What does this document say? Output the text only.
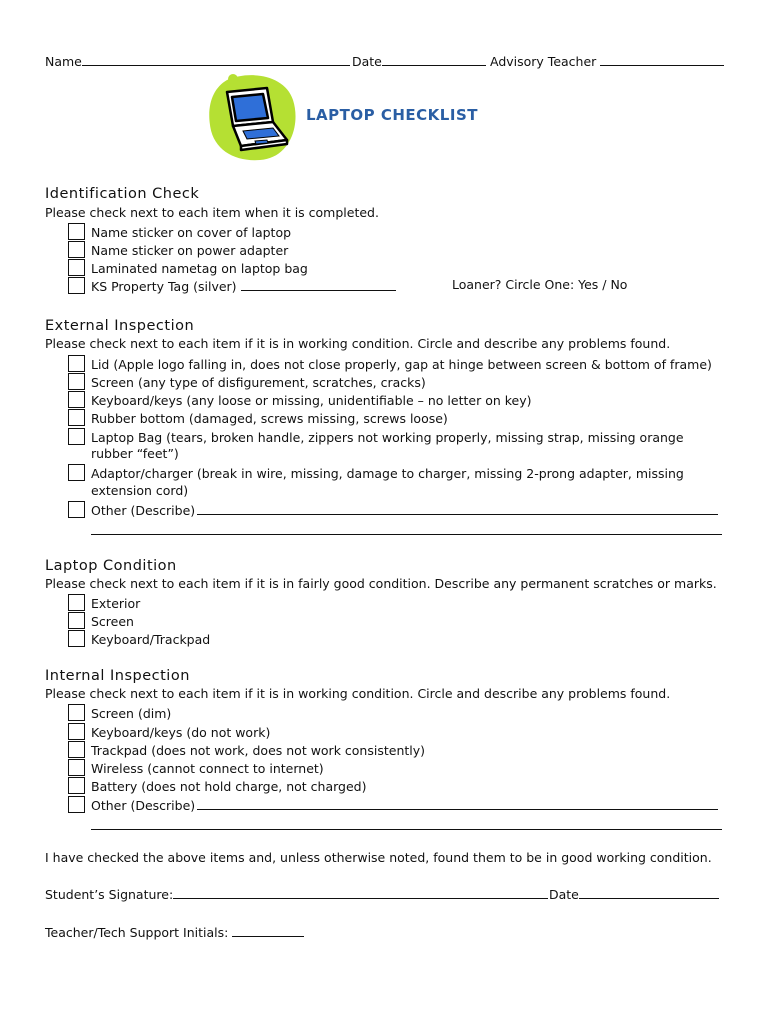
Name	Date	Advisory Teacher
LAPTOP CHECKLIST
Identification Check
Please check next to each item when it is completed.
Name sticker on cover of laptop
Name sticker on power adapter
Laminated nametag on laptop bag
KS Property Tag (silver)	Loaner? Circle One: Yes / No
External Inspection
Please check next to each item if it is in working condition. Circle and describe any problems found.
Lid (Apple logo falling in, does not close properly, gap at hinge between screen & bottom of frame)
Screen (any type of disfigurement, scratches, cracks)
Keyboard/keys (any loose or missing, unidentifiable – no letter on key)
Rubber bottom (damaged, screws missing, screws loose)
Laptop Bag (tears, broken handle, zippers not working properly, missing strap, missing orange
rubber “feet”)
Adaptor/charger (break in wire, missing, damage to charger, missing 2-prong adapter, missing
extension cord)
Other (Describe)
Laptop Condition
Please check next to each item if it is in fairly good condition. Describe any permanent scratches or marks.
Exterior
Screen
Keyboard/Trackpad
Internal Inspection
Please check next to each item if it is in working condition. Circle and describe any problems found.
Screen (dim)
Keyboard/keys (do not work)
Trackpad (does not work, does not work consistently)
Wireless (cannot connect to internet)
Battery (does not hold charge, not charged)
Other (Describe)
I have checked the above items and, unless otherwise noted, found them to be in good working condition.
Student’s Signature:	Date
Teacher/Tech Support Initials:
